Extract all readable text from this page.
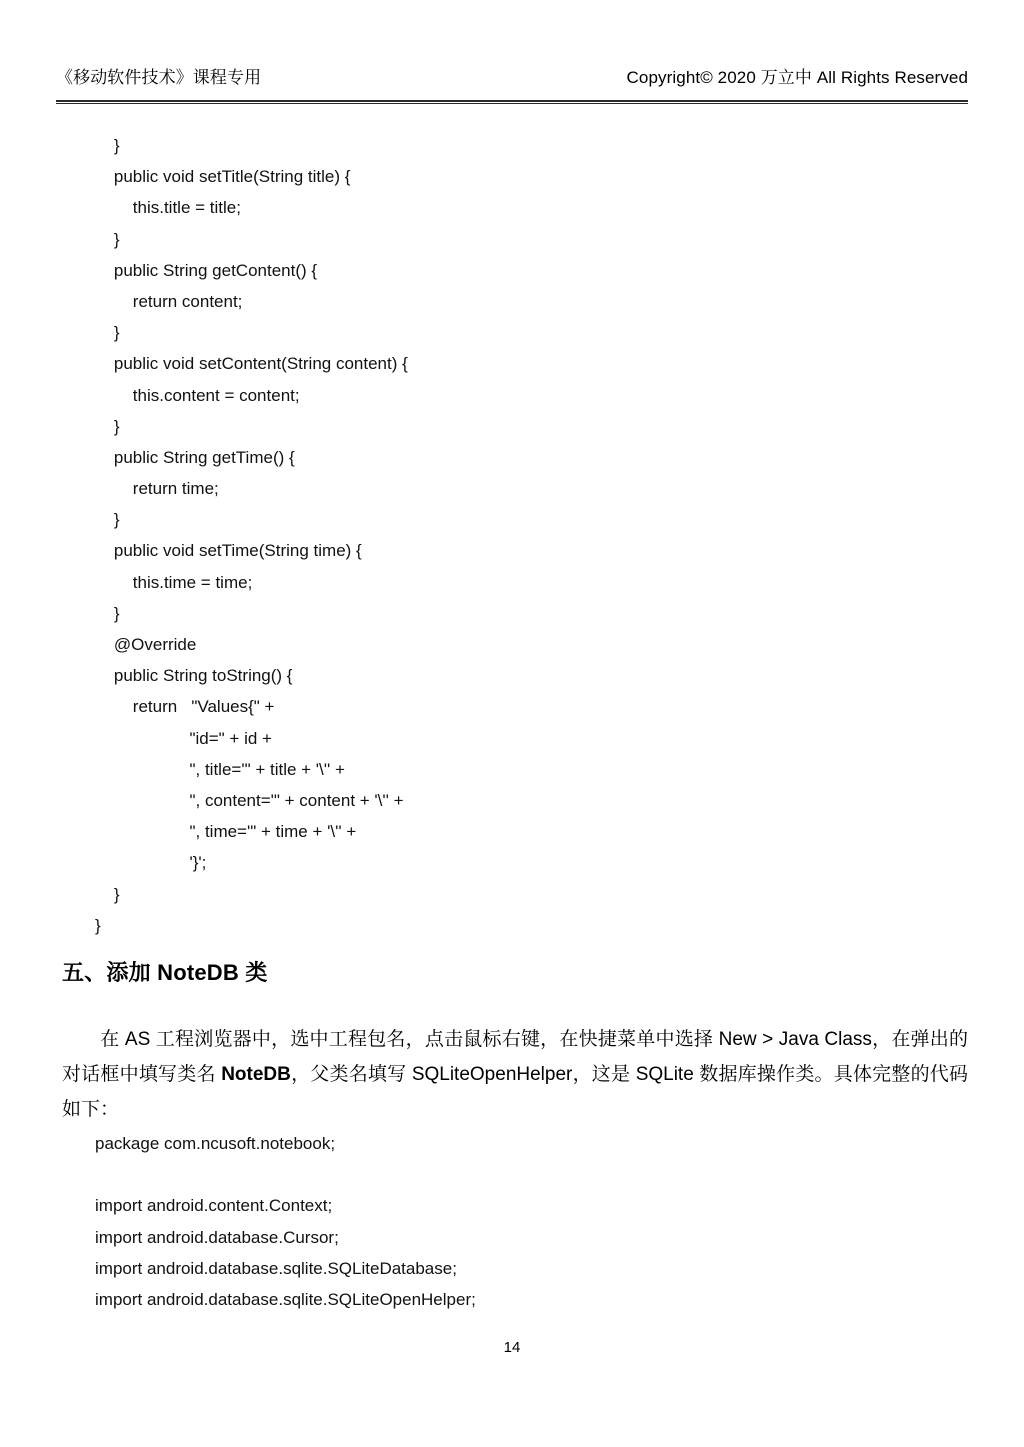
《移动软件技术》课程专用	Copyright© 2020 万立中 All Rights Reserved
}
public void setTitle(String title) {
this.title = title;
}
public String getContent() {
return content;
}
public void setContent(String content) {
this.content = content;
}
public String getTime() {
return time;
}
public void setTime(String time) {
this.time = time;
}
@Override
public String toString() {
return   "Values{" +
"id=" + id +
", title='" + title + '\'' +
", content='" + content + '\'' +
", time='" + time + '\'' +
'}';
}
}
五、添加 NoteDB 类
在 AS 工程浏览器中，选中工程包名，点击鼠标右键，在快捷菜单中选择 New > Java Class，在弹出的对话框中填写类名 NoteDB，父类名填写 SQLiteOpenHelper，这是 SQLite 数据库操作类。具体完整的代码如下：
package com.ncusoft.notebook;

import android.content.Context;
import android.database.Cursor;
import android.database.sqlite.SQLiteDatabase;
import android.database.sqlite.SQLiteOpenHelper;
14
